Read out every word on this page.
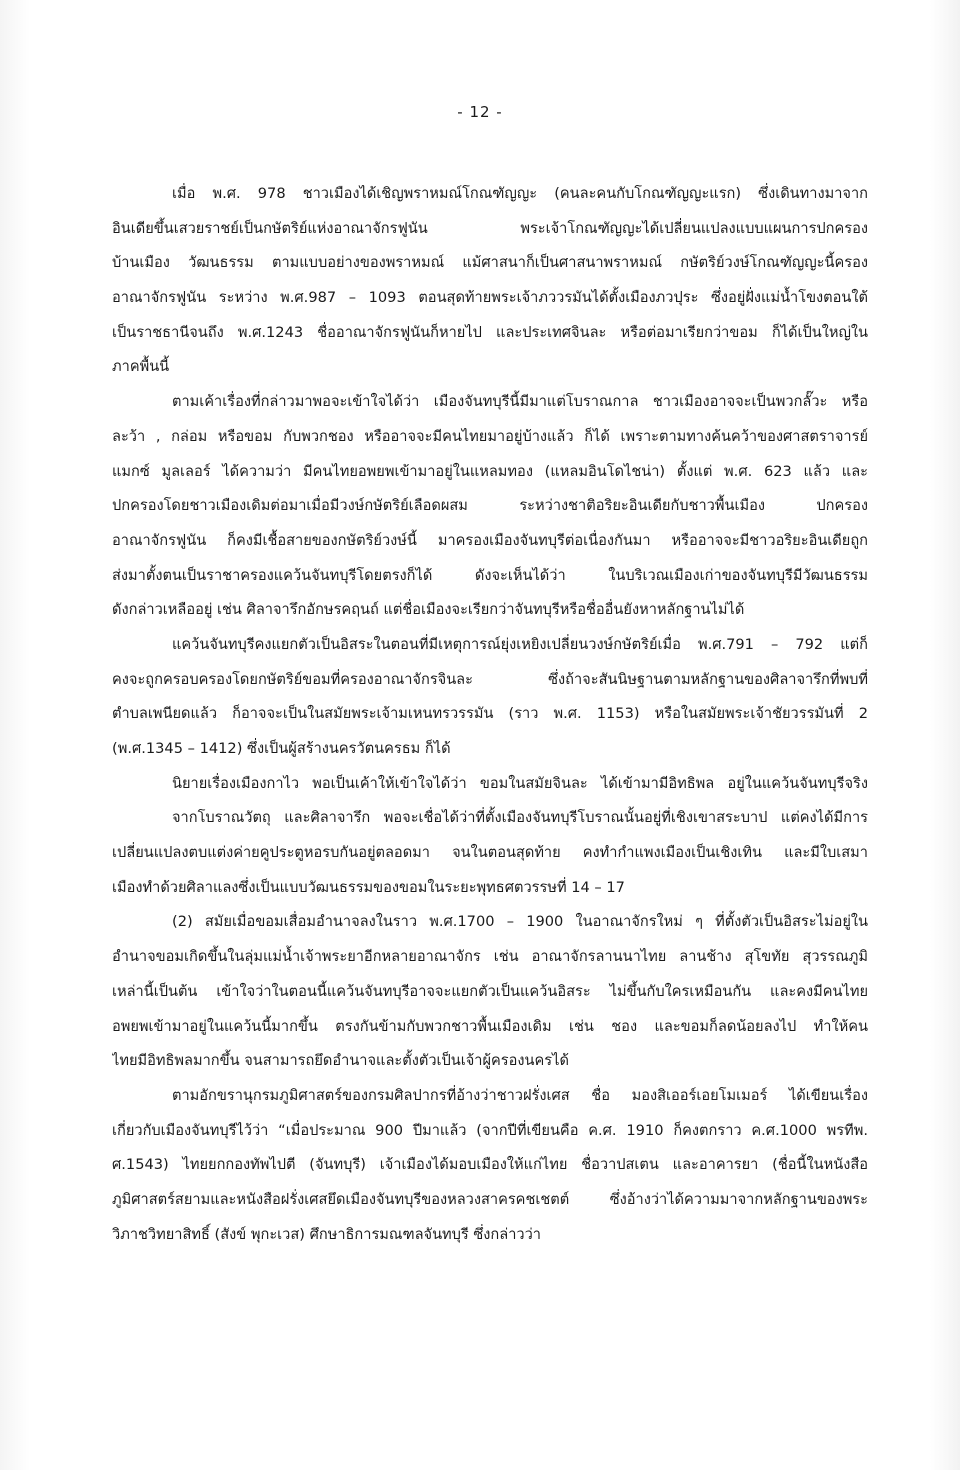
- 12 -
เมื่อ พ.ศ. 978 ชาวเมืองได้เชิญพราหมณ์โกณฑัญญะ (คนละคนกับโกณฑัญญะแรก) ซึ่งเดินทางมาจาก
อินเดียขึ้นเสวยราชย์เป็นกษัตริย์แห่งอาณาจักรฟูนัน พระเจ้าโกณฑัญญะได้เปลี่ยนแปลงแบบแผนการปกครอง
บ้านเมือง วัฒนธรรม ตามแบบอย่างของพราหมณ์ แม้ศาสนาก็เป็นศาสนาพราหมณ์ กษัตริย์วงษ์โกณฑัญญะนี้ครอง
อาณาจักรฟูนัน ระหว่าง พ.ศ.987 – 1093 ตอนสุดท้ายพระเจ้าภววรมันได้ตั้งเมืองภวปุระ ซึ่งอยู่ฝั่งแม่น้ำโขงตอนใต้
เป็นราชธานีจนถึง พ.ศ.1243 ชื่ออาณาจักรฟูนันก็หายไป และประเทศจินละ หรือต่อมาเรียกว่าขอม ก็ได้เป็นใหญ่ใน
ภาคพื้นนี้
ตามเค้าเรื่องที่กล่าวมาพอจะเข้าใจได้ว่า เมืองจันทบุรีนี้มีมาแต่โบราณกาล ชาวเมืองอาจจะเป็นพวกลั๊วะ หรือ
ละว้า , กล่อม หรือขอม กับพวกชอง หรืออาจจะมีคนไทยมาอยู่บ้างแล้ว ก็ได้ เพราะตามทางค้นคว้าของศาสตราจารย์
แมกซ์ มูลเลอร์ ได้ความว่า มีคนไทยอพยพเข้ามาอยู่ในแหลมทอง (แหลมอินโดไชน่า) ตั้งแต่ พ.ศ. 623 แล้ว และ
ปกครองโดยชาวเมืองเดิมต่อมาเมื่อมีวงษ์กษัตริย์เลือดผสม ระหว่างชาติอริยะอินเดียกับชาวพื้นเมือง ปกครอง
อาณาจักรฟูนัน ก็คงมีเชื้อสายของกษัตริย์วงษ์นี้ มาครองเมืองจันทบุรีต่อเนื่องกันมา หรืออาจจะมีชาวอริยะอินเดียถูก
ส่งมาตั้งตนเป็นราชาครองแคว้นจันทบุรีโดยตรงก็ได้ ดังจะเห็นได้ว่า ในบริเวณเมืองเก่าของจันทบุรีมีวัฒนธรรม
ดังกล่าวเหลืออยู่ เช่น ศิลาจารึกอักษรคฤนถ์ แต่ชื่อเมืองจะเรียกว่าจันทบุรีหรือชื่ออื่นยังหาหลักฐานไม่ได้
แคว้นจันทบุรีคงแยกตัวเป็นอิสระในตอนที่มีเหตุการณ์ยุ่งเหยิงเปลี่ยนวงษ์กษัตริย์เมื่อ พ.ศ.791 – 792 แต่ก็
คงจะถูกครอบครองโดยกษัตริย์ขอมที่ครองอาณาจักรจินละ ซึ่งถ้าจะสันนิษฐานตามหลักฐานของศิลาจารึกที่พบที่
ตำบลเพนียดแล้ว ก็อาจจะเป็นในสมัยพระเจ้ามเหนทรวรรมัน (ราว พ.ศ. 1153) หรือในสมัยพระเจ้าชัยวรรมันที่ 2
(พ.ศ.1345 – 1412) ซึ่งเป็นผู้สร้างนครวัตนครธม ก็ได้
นิยายเรื่องเมืองกาไว พอเป็นเค้าให้เข้าใจได้ว่า ขอมในสมัยจินละ ได้เข้ามามีอิทธิพล อยู่ในแคว้นจันทบุรีจริง
จากโบราณวัตถุ และศิลาจารึก พอจะเชื่อได้ว่าที่ตั้งเมืองจันทบุรีโบราณนั้นอยู่ที่เชิงเขาสระบาป แต่คงได้มีการ
เปลี่ยนแปลงตบแต่งค่ายคูประตูหอรบกันอยู่ตลอดมา จนในตอนสุดท้าย คงทำกำแพงเมืองเป็นเชิงเทิน และมีใบเสมา
เมืองทำด้วยศิลาแลงซึ่งเป็นแบบวัฒนธรรมของขอมในระยะพุทธศตวรรษที่ 14 – 17
(2) สมัยเมื่อขอมเสื่อมอำนาจลงในราว พ.ศ.1700 – 1900 ในอาณาจักรใหม่ ๆ ที่ตั้งตัวเป็นอิสระไม่อยู่ใน
อำนาจขอมเกิดขึ้นในลุ่มแม่น้ำเจ้าพระยาอีกหลายอาณาจักร เช่น อาณาจักรลานนาไทย ลานช้าง สุโขทัย สุวรรณภูมิ
เหล่านี้เป็นต้น เข้าใจว่าในตอนนี้แคว้นจันทบุรีอาจจะแยกตัวเป็นแคว้นอิสระ ไม่ขึ้นกับใครเหมือนกัน และคงมีคนไทย
อพยพเข้ามาอยู่ในแคว้นนี้มากขึ้น ตรงกันข้ามกับพวกชาวพื้นเมืองเดิม เช่น ชอง และขอมก็ลดน้อยลงไป ทำให้คน
ไทยมีอิทธิพลมากขึ้น จนสามารถยึดอำนาจและตั้งตัวเป็นเจ้าผู้ครองนครได้
ตามอักขรานุกรมภูมิศาสตร์ของกรมศิลปากรที่อ้างว่าชาวฝรั่งเศส ชื่อ มองสิเออร์เอยโมเมอร์ ได้เขียนเรื่อง
เกี่ยวกับเมืองจันทบุรีไว้ว่า “เมื่อประมาณ 900 ปีมาแล้ว (จากปีที่เขียนคือ ค.ศ. 1910 ก็คงตกราว ค.ศ.1000 พรทีพ.
ศ.1543) ไทยยกกองทัพไปตี (จันทบุรี) เจ้าเมืองได้มอบเมืองให้แก่ไทย ชื่อวาปสเตน และอาคารยา (ชื่อนี้ในหนังสือ
ภูมิศาสตร์สยามและหนังสือฝรั่งเศสยึดเมืองจันทบุรีของหลวงสาครคชเชตต์ ซึ่งอ้างว่าได้ความมาจากหลักฐานของพระ
วิภาชวิทยาสิทธิ์ (สังข์ พุกะเวส) ศึกษาธิการมณฑลจันทบุรี ซึ่งกล่าวว่า
